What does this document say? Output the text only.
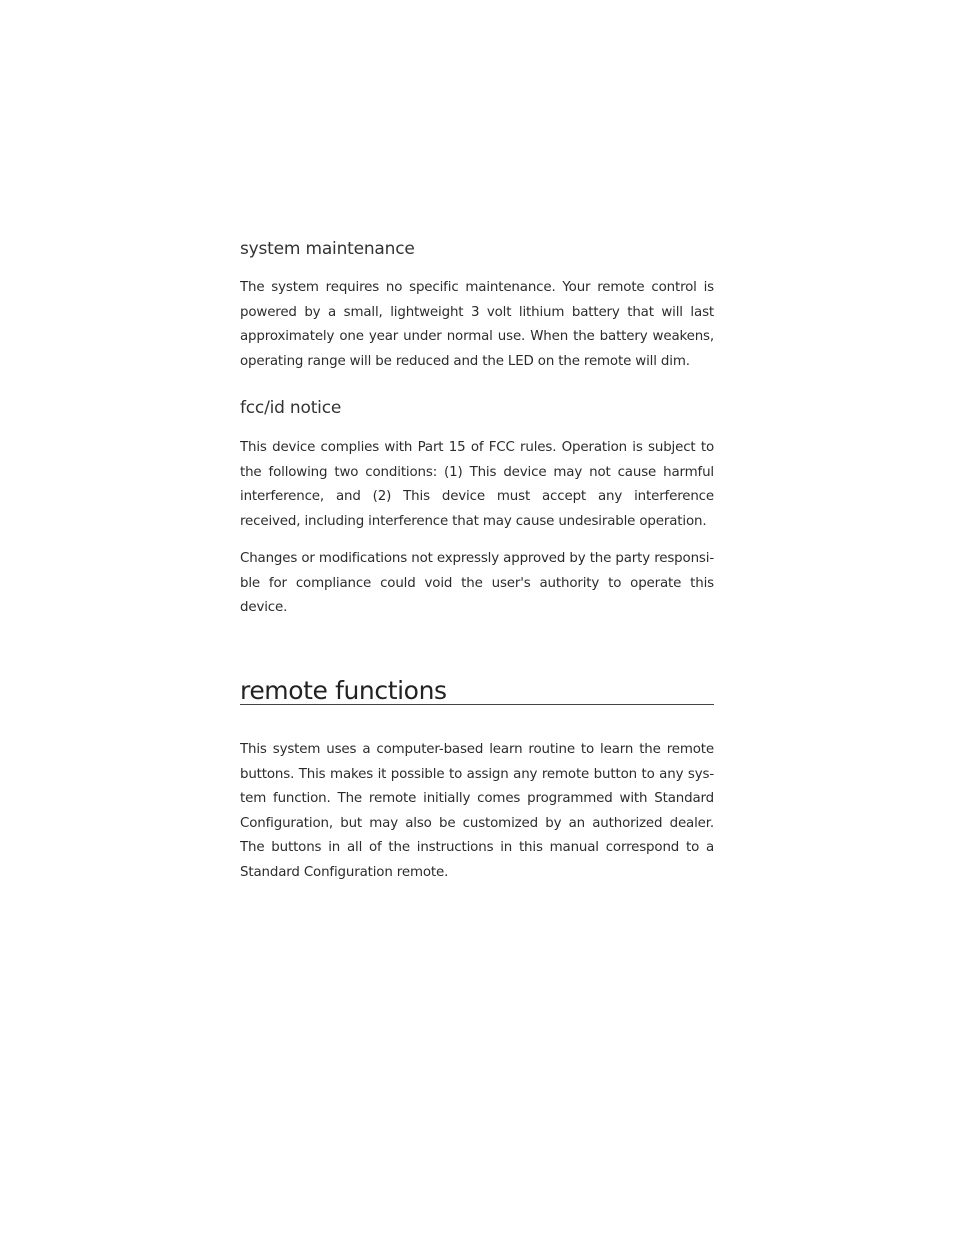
system maintenance

The system requires no specific maintenance. Your remote control is powered by a small, lightweight 3 volt lithium battery that will last approximately one year under normal use. When the battery weakens, operating range will be reduced and the LED on the remote will dim.

fcc/id notice

This device complies with Part 15 of FCC rules. Operation is subject to the following two conditions: (1) This device may not cause harmful interference, and (2) This device must accept any interference received, including interference that may cause undesirable operation.

Changes or modifications not expressly approved by the party responsi-ble for compliance could void the user's authority to operate this device.

remote functions

This system uses a computer-based learn routine to learn the remote buttons. This makes it possible to assign any remote button to any sys-tem function. The remote initially comes programmed with Standard Configuration, but may also be customized by an authorized dealer. The buttons in all of the instructions in this manual correspond to a Standard Configuration remote.
